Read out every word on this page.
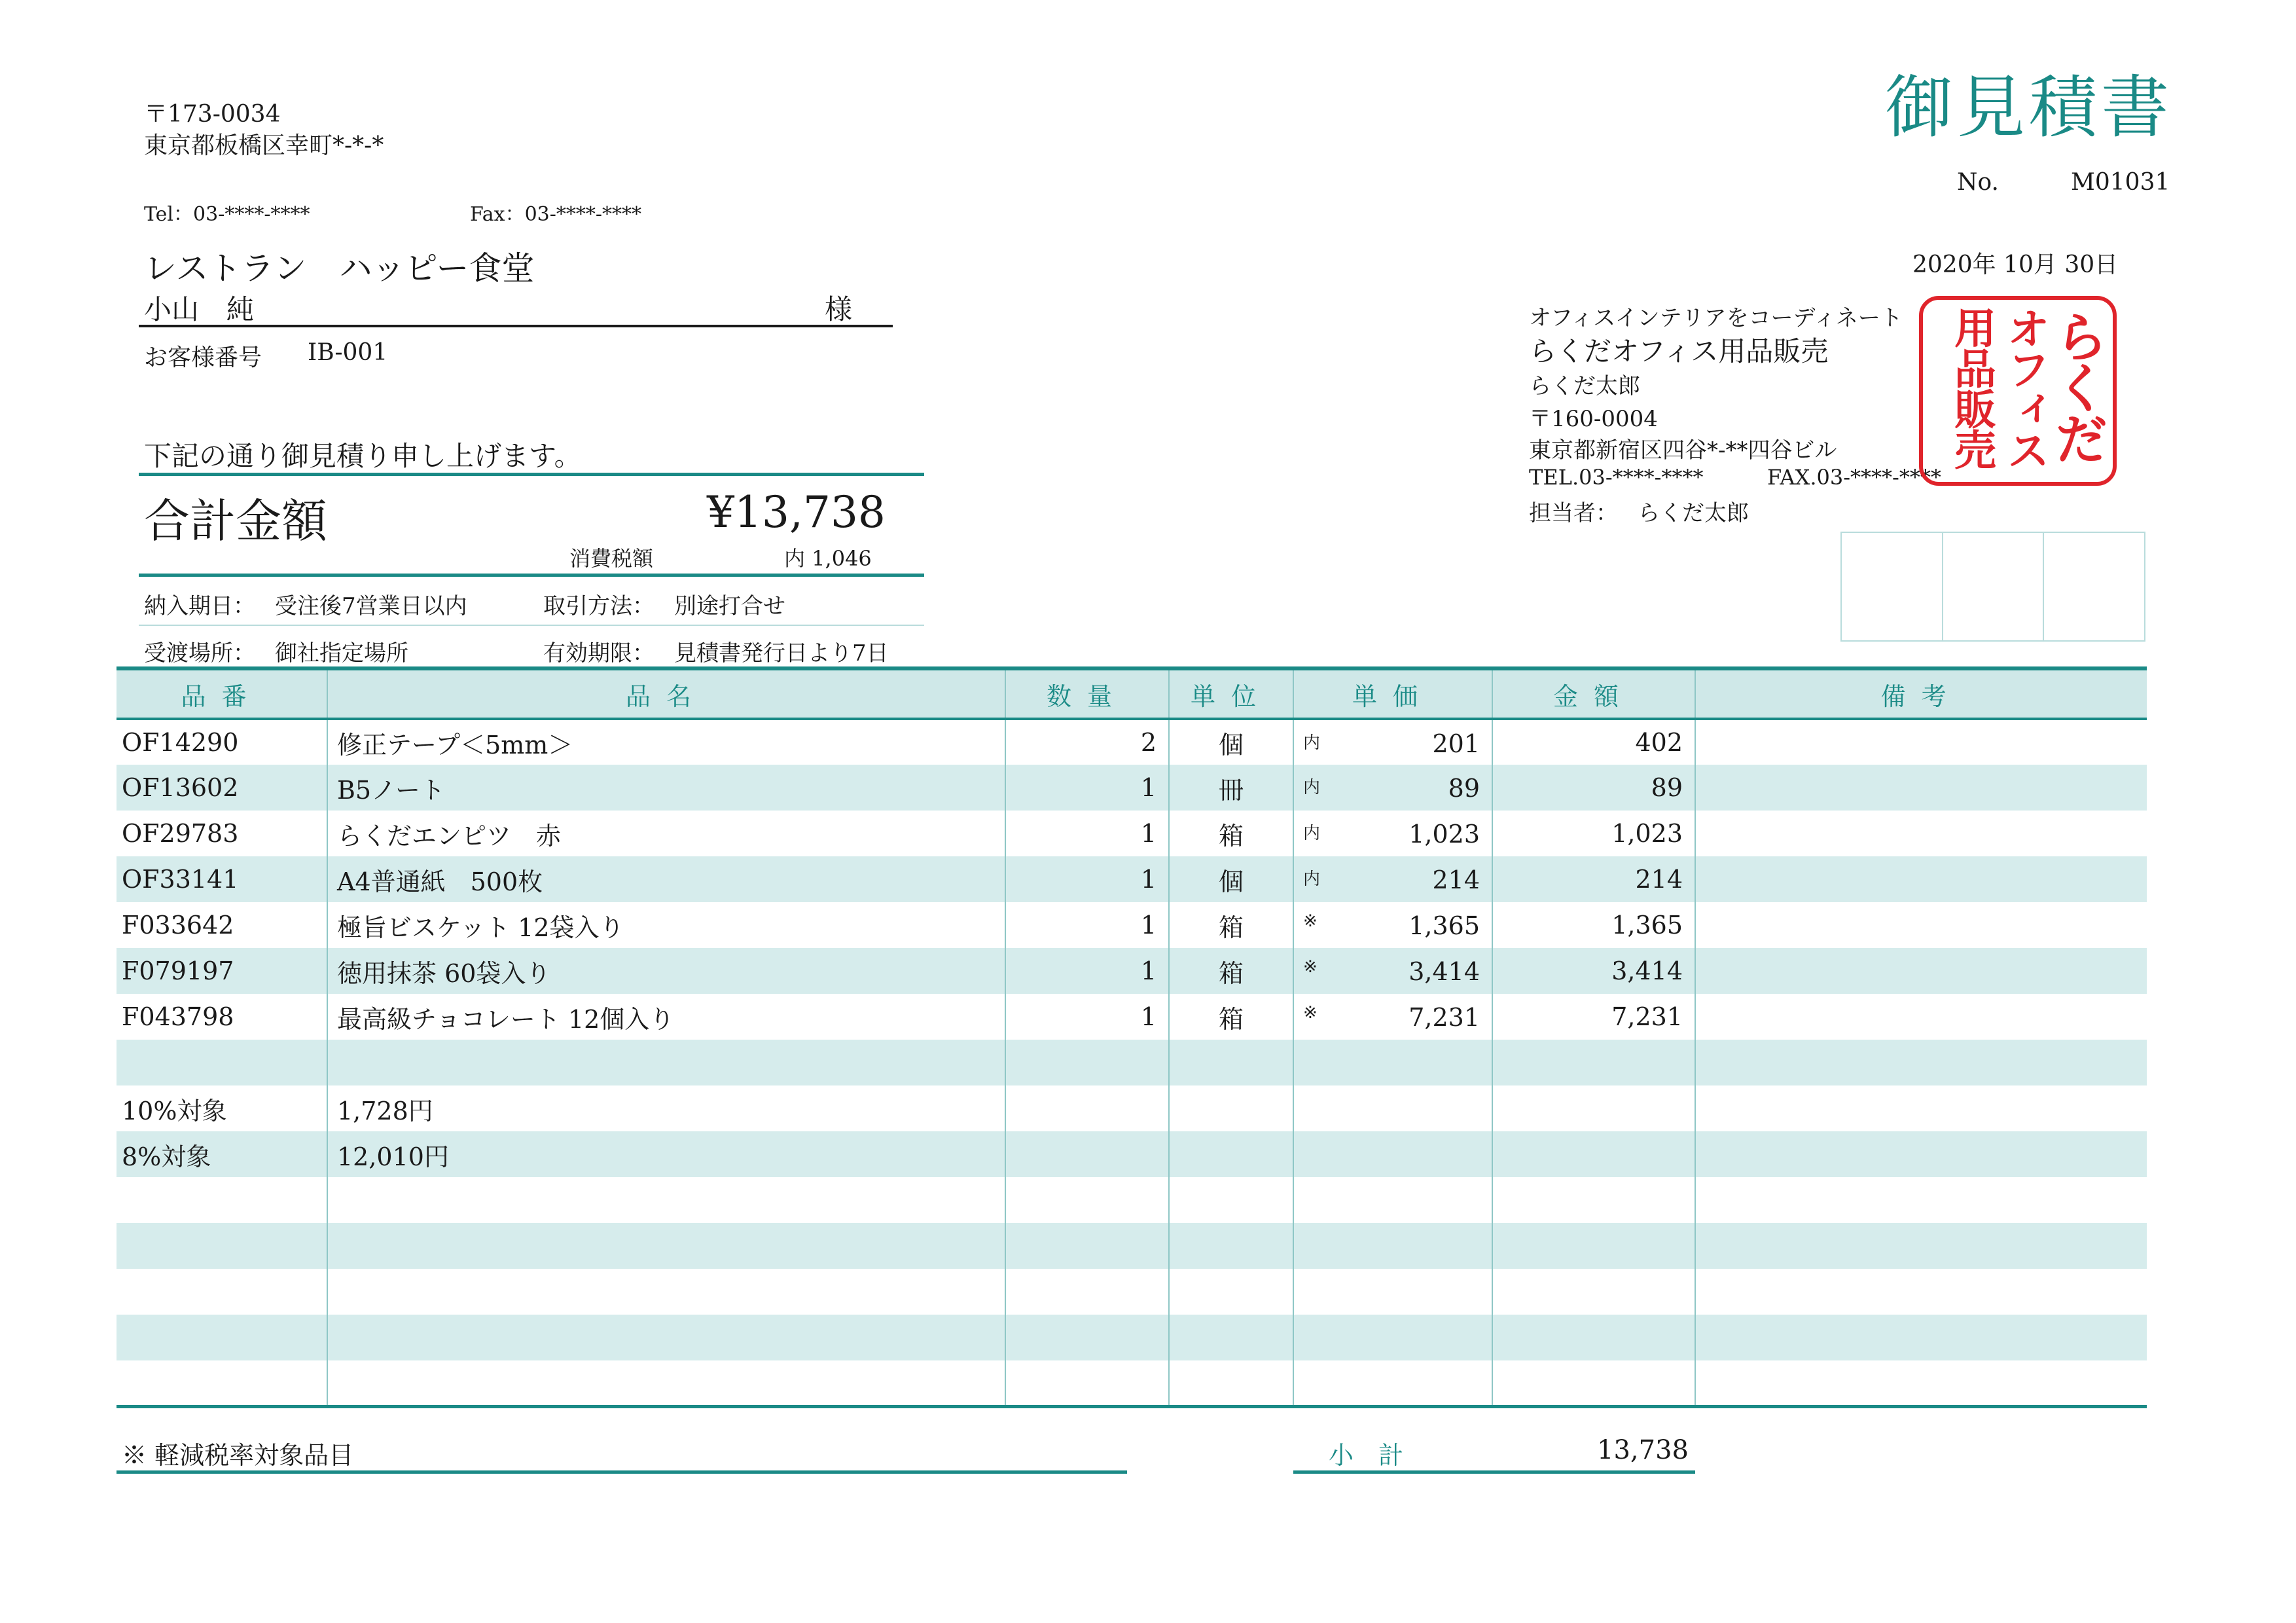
〒173-0034
東京都板橋区幸町*-*-*
Tel：03-****-****	Fax：03-****-****
レストラン　ハッピー食堂
小山　純	様
お客様番号 IB-001
御見積書
No.	M01031
2020年 10月 30日
オフィスインテリアをコーディネート
らくだオフィス用品販売
らくだ太郎
〒160-0004
東京都新宿区四谷*-**四谷ビル
TEL.03-****-****	FAX.03-****-****
担当者： らくだ太郎
らくだ
オフィス
用品販売
下記の通り御見積り申し上げます。
合計金額	¥13,738
消費税額	内 1,046
納入期日： 受注後7営業日以内	取引方法： 別途打合せ
受渡場所： 御社指定場所	有効期限： 見積書発行日より7日
品番	品名	数量	単位	単価	金額	備考
OF14290	修正テープ＜5mm＞	2	個	内 201	402	
OF13602	B5ノート	1	冊	内 89	89	
OF29783	らくだエンピツ　赤	1	箱	内 1,023	1,023	
OF33141	A4普通紙　500枚	1	個	内 214	214	
F033642	極旨ビスケット 12袋入り	1	箱	※ 1,365	1,365	
F079197	徳用抹茶 60袋入り	1	箱	※ 3,414	3,414	
F043798	最高級チョコレート 12個入り	1	箱	※ 7,231	7,231	

10%対象	1,728円					
8%対象	12,010円					

※ 軽減税率対象品目	小　計	13,738
